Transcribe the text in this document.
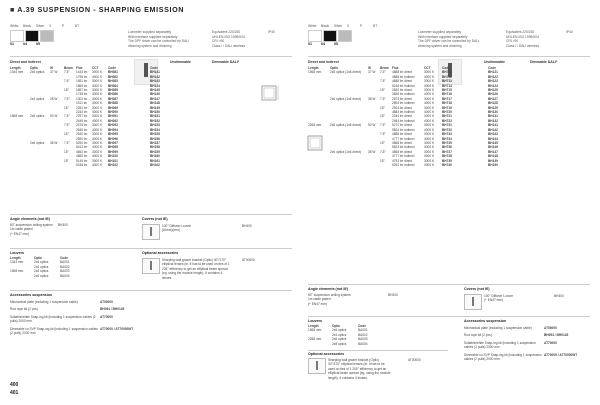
■ A.39 SUSPENSION - SHARPING EMISSION
White	Black	Silver	3	P	BT
01	04	05
Luxmeter supplied separately
With interface supplied separately
The DPF driver can be controlled by DALI
dimming system and dimming
Equivalent 220/230
UNI-EN-ISO 1999/004
CRI >90
Class I / DALI wireless
IP40
Direct and indirect	Undimmable	Dimmable DALI*
Length	Optic	W	Beam	Flux	CCT	Code	Code
1344 mm	2x6 optics	37 W	7.5°	1443 lm	3000 K	BH081	BH141
1796 lm	4000 K	BH082	BH142
7.5°	1651 lm	3000 K	BH083	BH143
1869 lm	4000 K	BH084	BH144
15°	1857 lm	3000 K	BH085	BH145
1745 lm	4000 K	BH086	BH146
2x4 optics	28 W	7.5°	1302 lm	3000 K	BH087	BH147
1511 lm	4000 K	BH088	BH148
15°	2281 lm	3000 K	BH089	BH149
2244 lm	4000 K	BH090	BH150
1568 mm	2x8 optics	50 W	7.5°	2257 lm	3000 K	BH091	BH151
2449 lm	4000 K	BH092	BH152
7.5°	2478 lm	3000 K	BH093	BH153
2645 lm	4000 K	BH094	BH154
15°	2630 lm	3000 K	BH095	BH155
2590 lm	4000 K	BH096	BH156
2x6 optics	38 W	7.5°	5252 lm	3000 K	BH097	BH157
5412 lm	4000 K	BH098	BH158
15°	4652 lm	3000 K	BH099	BH159
4882 lm	4000 K	BH100	BH160
15°	5145 lm	3000 K	BH101	BH161
5248 lm	4000 K	BH102	BH162
Angle elements (not IE)
60° suspension ceiling system
1m cable plated
(+ EN47 mm)
BH300
Covers (not IE)
100° Diffuser Louvre
(Direct)(mm)
BH400
Louvers
Length	Optic	Code
1344 mm	2x6 optics	BA001
2x4 optics	BA002
1568 mm	2x8 optics	BA003
2x6 optics	BA004
Optional accessories
Sharping wall grazer bracket (Optic) 30°/170° elliptical lenses (ie. It has to be used on ties of 1 205° efficiency to get an elliptical beam spread (eg. using the module length). It contains 4 lenses.
AT00000
Accessories suspension
Mechanical plate (including 1 suspension cable)	AT00000
Rod rope kit (2 pcs)	BH094 / BH0145
Suitable/white Snap-ing kit (including 1 suspension cables (2 pulls) 2000 mm
AT70000
Dimmable cu SVP Snap-ing kit (including 1 suspension cables (2 pulls) 2000 mm
AT70000 / AT70000WT
400
White	Black	Silver	3	P	BT
01	04	05
Luxmeter supplied separately
With interface supplied separately
The DPF driver can be controlled by DALI
dimming system and dimming
Equivalent 220/230
UNI-EN-ISO 1999/004
CRI >90
Class I / DALI wireless
IP40
Direct and indirect	Undimmable	Dimmable DALI*
Length	Optic	W	Beam	Flux	CCT	Code	Code
1568 mm	2x8 optics (1x8 direct)	37 W	7.5°	4888 lm direct	3000 K	BH711	BH121
4888 lm indirect	4000 K	BH712	BH122
7.5°	4888 lm direct	3000 K	BH713	BH123
5246 lm indirect	4000 K	BH714	BH124
15°	2840 lm direct	3000 K	BH715	BH125
3848 lm indirect	4000 K	BH716	BH126
2x6 optics (1x6 direct)	38 W	7.5°	2673 lm direct	3000 K	BH717	BH127
2894 lm indirect	4000 K	BH718	BH128
15°	2924 lm direct	3000 K	BH719	BH129
4884 lm indirect	4000 K	BH720	BH130
15°	2044 lm direct	3000 K	BH721	BH131
2484 lm indirect	4000 K	BH722	BH132
2268 mm	2x8 optics (1x8 direct)	50 W	7.5°	5272 lm direct	3000 K	BH731	BH141
5824 lm indirect	4000 K	BH732	BH142
7.5°	4888 lm direct	3000 K	BH733	BH143
4777 lm indirect	4000 K	BH734	BH144
15°	4868 lm direct	3000 K	BH735	BH145
5823 lm indirect	4000 K	BH736	BH146
2x6 optics (1x6 direct)	38 W	7.5°	4868 lm direct	3000 K	BH737	BH147
4777 lm indirect	4000 K	BH738	BH148
15°	4792 lm direct	3000 K	BH739	BH149
5252 lm indirect	4000 K	BH740	BH150
Angle elements (not IE)
60° suspension ceiling system
1m cable plated
(+ EN47 mm)
BH300
Covers (not IE)
100° Diffuser Louvre
(+ EN47 mm)
BH400
Louvers
Length	Optic	Code
1568 mm	2x6 optics	BA001
2x4 optics	BA002
2268 mm	2x6 optics	BA003
2x8 optics	BA004
Accessories suspension
Mechanical plate (including 1 suspension cable)	AT00000
Rod rope kit (2 pcs)	BH094 / BH0145
Suitable/white Snap-ing kit (including 1 suspension cables (2 pulls) 2000 mm
AT70000
Dimmable cu SVP Snap-ing kit (including 1 suspension cables (2 pulls) 2000 mm
AT70000 / AT70000WT
Optional accessories
Sharping wall grazer bracket (Optic) 30°/170° elliptical lenses (ie. It has to be used on ties of 1 205° efficiency to get an elliptical beam spread (eg. using the module length). It contains 4 lenses.
AT00000
401
